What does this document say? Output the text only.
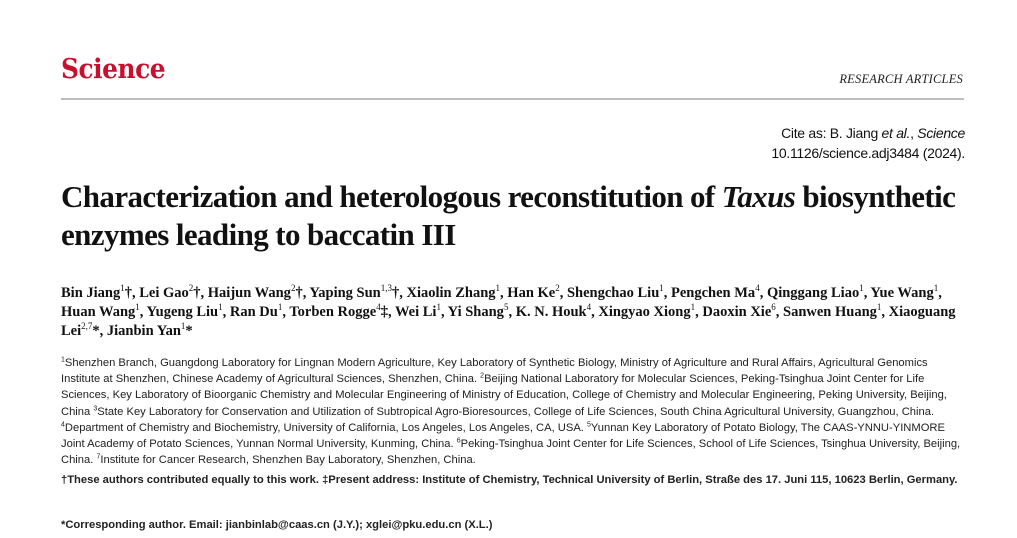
Science	RESEARCH ARTICLES
Cite as: B. Jiang et al., Science
10.1126/science.adj3484 (2024).
Characterization and heterologous reconstitution of Taxus biosynthetic enzymes leading to baccatin III
Bin Jiang$^1$†, Lei Gao$^2$†, Haijun Wang$^2$†, Yaping Sun$^{1,3}$†, Xiaolin Zhang$^1$, Han Ke$^2$, Shengchao Liu$^1$, Pengchen Ma$^4$, Qinggang Liao$^1$, Yue Wang$^1$, Huan Wang$^1$, Yugeng Liu$^1$, Ran Du$^1$, Torben Rogge$^4$‡, Wei Li$^1$, Yi Shang$^5$, K. N. Houk$^4$, Xingyao Xiong$^1$, Daoxin Xie$^6$, Sanwen Huang$^1$, Xiaoguang Lei$^{2,7}$*, Jianbin Yan$^1$*
$^1$Shenzhen Branch, Guangdong Laboratory for Lingnan Modern Agriculture, Key Laboratory of Synthetic Biology, Ministry of Agriculture and Rural Affairs, Agricultural Genomics Institute at Shenzhen, Chinese Academy of Agricultural Sciences, Shenzhen, China. $^2$Beijing National Laboratory for Molecular Sciences, Peking-Tsinghua Joint Center for Life Sciences, Key Laboratory of Bioorganic Chemistry and Molecular Engineering of Ministry of Education, College of Chemistry and Molecular Engineering, Peking University, Beijing, China $^3$State Key Laboratory for Conservation and Utilization of Subtropical Agro-Bioresources, College of Life Sciences, South China Agricultural University, Guangzhou, China. $^4$Department of Chemistry and Biochemistry, University of California, Los Angeles, Los Angeles, CA, USA. $^5$Yunnan Key Laboratory of Potato Biology, The CAAS-YNNU-YINMORE Joint Academy of Potato Sciences, Yunnan Normal University, Kunming, China. $^6$Peking-Tsinghua Joint Center for Life Sciences, School of Life Sciences, Tsinghua University, Beijing, China. $^7$Institute for Cancer Research, Shenzhen Bay Laboratory, Shenzhen, China.
†These authors contributed equally to this work. ‡Present address: Institute of Chemistry, Technical University of Berlin, Straße des 17. Juni 115, 10623 Berlin, Germany.
*Corresponding author. Email: jianbinlab@caas.cn (J.Y.); xglei@pku.edu.cn (X.L.)
